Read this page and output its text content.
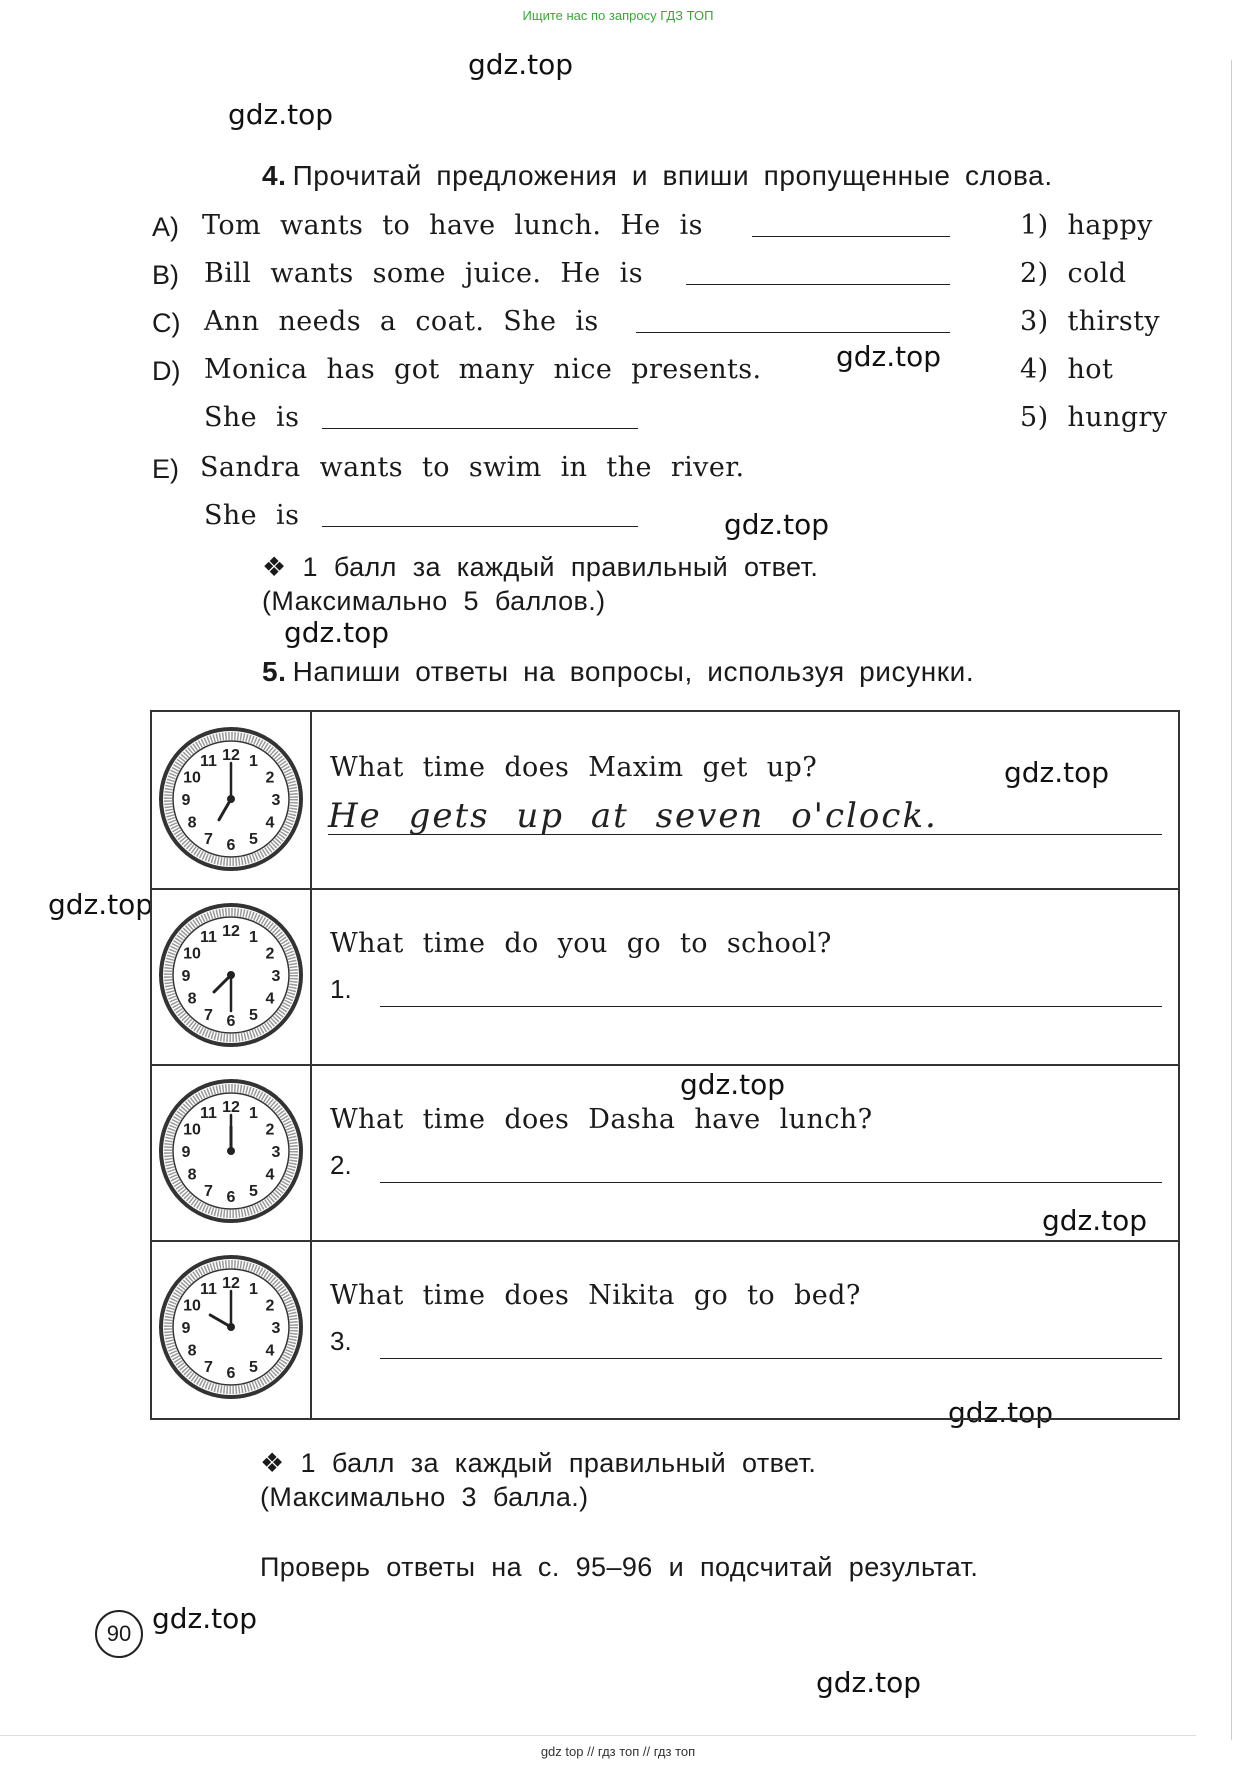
Ищите нас по запросу ГДЗ ТОП
gdz.top
gdz.top
gdz.top
gdz.top
gdz.top
gdz.top
gdz.top
gdz.top
gdz.top
gdz.top
gdz.top
gdz.top
4. Прочитай предложения и впиши пропущенные слова.
A) Tom wants to have lunch. He is
B) Bill wants some juice. He is
C) Ann needs a coat. She is
D) Monica has got many nice presents.
She is
E) Sandra wants to swim in the river.
She is
1) happy
2) cold
3) thirsty
4) hot
5) hungry
❖ 1 балл за каждый правильный ответ.
(Максимально 5 баллов.)
5. Напиши ответы на вопросы, используя рисунки.
1
2
3
4
5
6
7
8
9
10
11 12	What time does Maxim get up?
He gets up at seven o'clock.
1
2
3
4
5
6
7
8
9
10
11 12	What time do you go to school?
1.
1
2
3
4
5
6
7
8
9
10
11 12	What time does Dasha have lunch?
2.
1
2
3
4
5
6
7
8
9
10
11 12	What time does Nikita go to bed?
3.
❖ 1 балл за каждый правильный ответ.
(Максимально 3 балла.)
Проверь ответы на с. 95–96 и подсчитай результат.
90
gdz top // гдз топ // гдз топ
